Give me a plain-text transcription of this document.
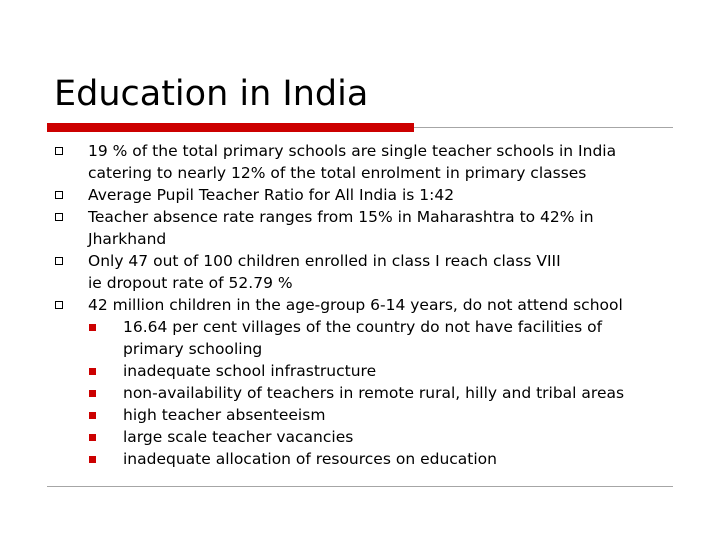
Education in India
19 % of the total primary schools are single teacher schools in India
catering to nearly 12% of the total enrolment in primary classes
Average Pupil Teacher Ratio for All India is 1:42
Teacher absence rate ranges from 15% in Maharashtra to 42% in
Jharkhand
Only 47 out of 100 children enrolled in class I reach class VIII
ie dropout rate of 52.79 %
42 million children in the age-group 6-14 years, do not attend school
16.64 per cent villages of the country do not have facilities of
primary schooling
inadequate school infrastructure
non-availability of teachers in remote rural, hilly and tribal areas
high teacher absenteeism
large scale teacher vacancies
inadequate allocation of resources on education
